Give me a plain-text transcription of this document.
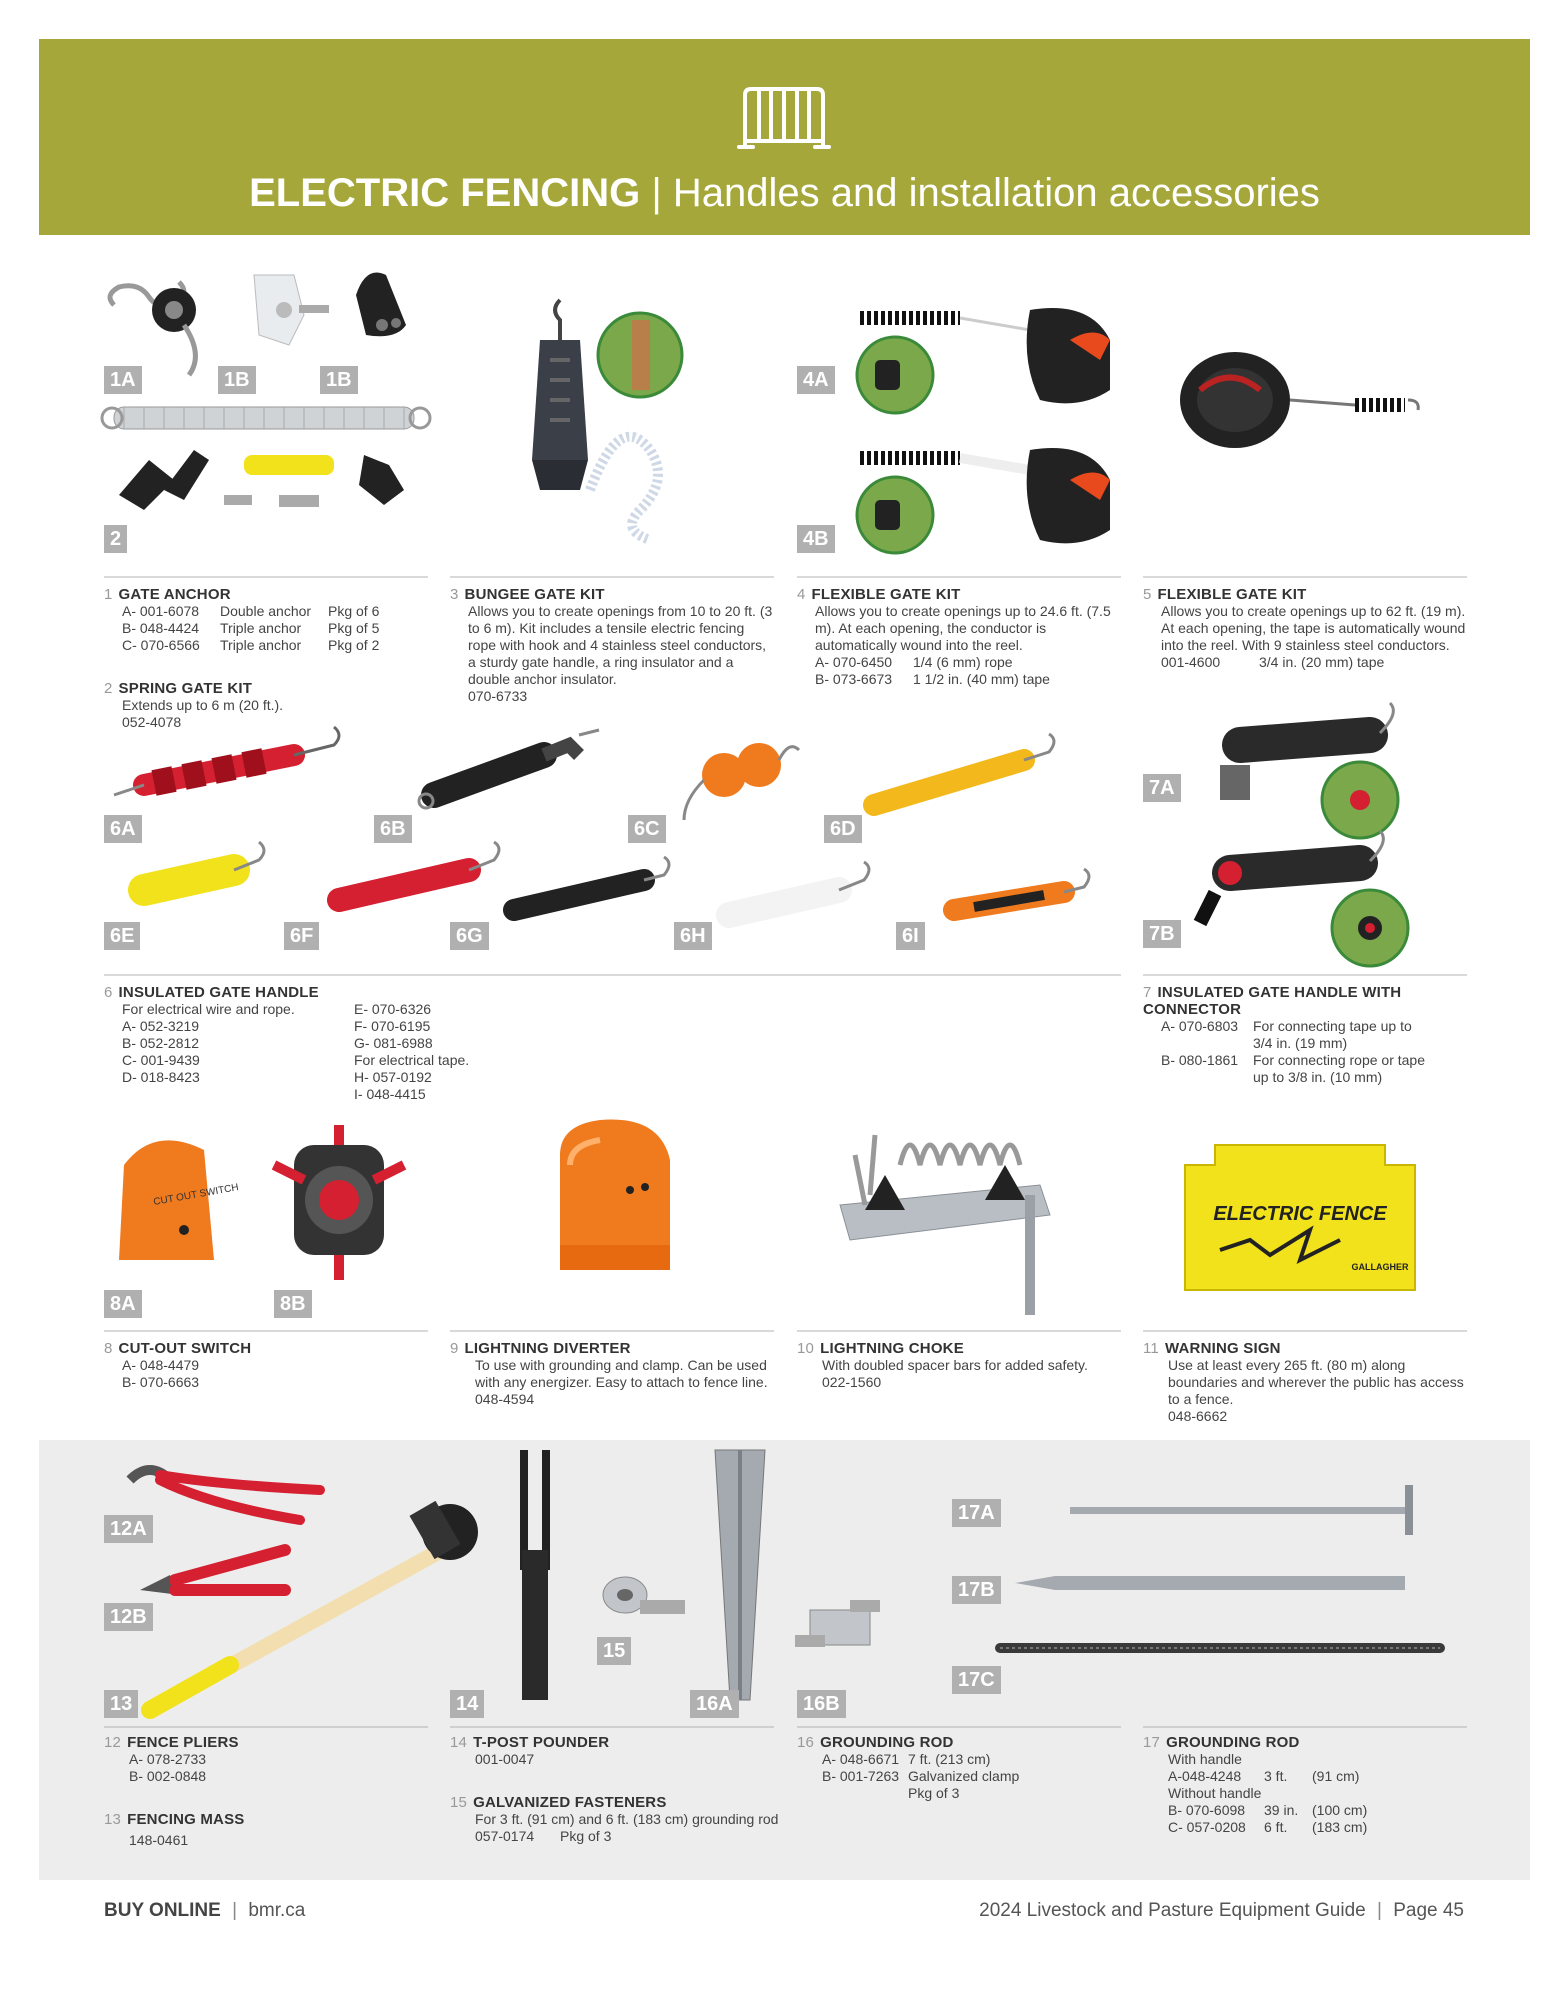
ELECTRIC FENCING | Handles and installation accessories
1A	1B	1B
2
4A
4B
1 GATE ANCHOR
A- 001-6078	Double anchor	Pkg of 6
B- 048-4424	Triple anchor	Pkg of 5
C- 070-6566	Triple anchor	Pkg of 2
2 SPRING GATE KIT
Extends up to 6 m (20 ft.).
052-4078
3 BUNGEE GATE KIT
Allows you to create openings from 10 to 20 ft. (3 to 6 m). Kit includes a tensile electric fencing rope with hook and 4 stainless steel conductors, a sturdy gate handle, a ring insulator and a double anchor insulator.
070-6733
4 FLEXIBLE GATE KIT
Allows you to create openings up to 24.6 ft. (7.5 m). At each opening, the conductor is automatically wound into the reel.
A- 070-6450	1/4 (6 mm) rope
B- 073-6673	1 1/2 in. (40 mm) tape
5 FLEXIBLE GATE KIT
Allows you to create openings up to 62 ft. (19 m). At each opening, the tape is automatically wound into the reel. With 9 stainless steel conductors.
001-4600	3/4 in. (20 mm) tape
6A	6B	6C	6D
6E	6F	6G	6H	6I
7A
7B
6 INSULATED GATE HANDLE
For electrical wire and rope.
A- 052-3219
B- 052-2812
C- 001-9439
D- 018-8423
E- 070-6326
F- 070-6195
G- 081-6988
For electrical tape.
H- 057-0192
I- 048-4415
7 INSULATED GATE HANDLE WITH CONNECTOR
A- 070-6803	For connecting tape up to
3/4 in. (19 mm)
B- 080-1861	For connecting rope or tape
up to 3/8 in. (10 mm)
CUT OUT SWITCH
ELECTRIC FENCE
GALLAGHER
8A	8B
8 CUT-OUT SWITCH
A- 048-4479
B- 070-6663
9 LIGHTNING DIVERTER
To use with grounding and clamp. Can be used with any energizer. Easy to attach to fence line.
048-4594
10 LIGHTNING CHOKE
With doubled spacer bars for added safety.
022-1560
11 WARNING SIGN
Use at least every 265 ft. (80 m) along boundaries and wherever the public has access to a fence.
048-6662
12A
12B
13	14
15
16A	16B
17A
17B
17C
12 FENCE PLIERS
A- 078-2733
B- 002-0848
13 FENCING MASS
148-0461
14 T-POST POUNDER
001-0047
15 GALVANIZED FASTENERS
For 3 ft. (91 cm) and 6 ft. (183 cm) grounding rod
057-0174	Pkg of 3
16 GROUNDING ROD
A- 048-6671 7 ft. (213 cm)
B- 001-7263 Galvanized clamp
Pkg of 3
17 GROUNDING ROD
With handle
A-048-4248	3 ft.	(91 cm)
Without handle
B- 070-6098	39 in. (100 cm)
C- 057-0208	6 ft.	(183 cm)
BUY ONLINE | bmr.ca	2024 Livestock and Pasture Equipment Guide | Page 45
